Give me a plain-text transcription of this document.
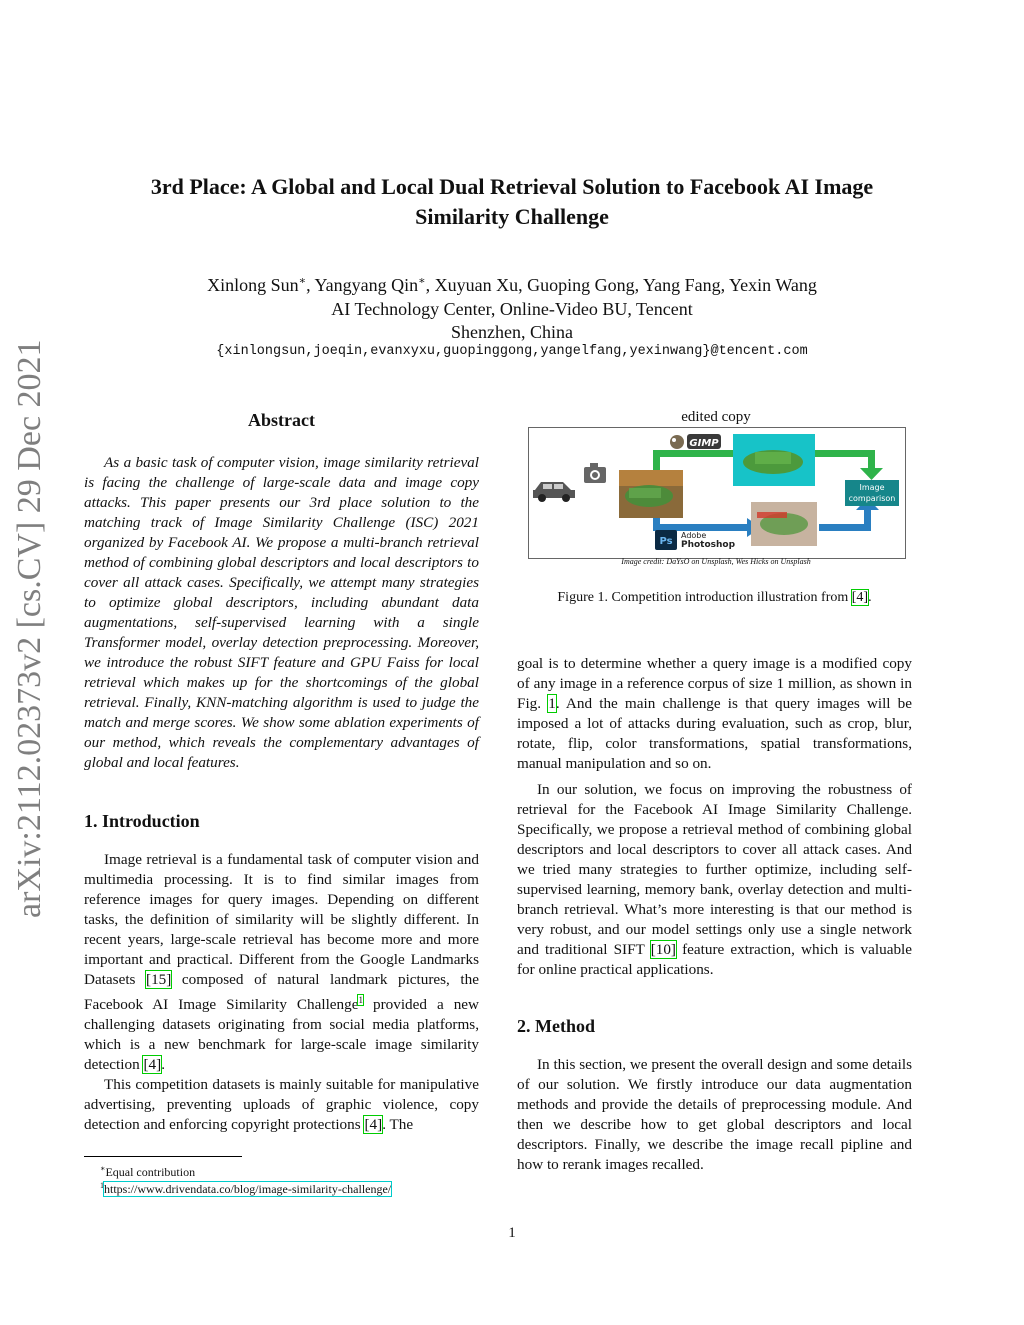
arXiv:2112.02373v2 [cs.CV] 29 Dec 2021
3rd Place: A Global and Local Dual Retrieval Solution to Facebook AI Image
Similarity Challenge
Xinlong Sun∗, Yangyang Qin∗, Xuyuan Xu, Guoping Gong, Yang Fang, Yexin Wang
AI Technology Center, Online-Video BU, Tencent
Shenzhen, China
{xinlongsun,joeqin,evanxyxu,guopinggong,yangelfang,yexinwang}@tencent.com
Abstract

As a basic task of computer vision, image similarity retrieval is facing the challenge of large-scale data and image copy attacks. This paper presents our 3rd place solution to the matching track of Image Similarity Challenge (ISC) 2021 organized by Facebook AI. We propose a multi-branch retrieval method of combining global descriptors and local descriptors to cover all attack cases. Specifically, we attempt many strategies to optimize global descriptors, including abundant data augmentations, self-supervised learning with a single Transformer model, overlay detection preprocessing. Moreover, we introduce the robust SIFT feature and GPU Faiss for local retrieval which makes up for the shortcomings of the global retrieval. Finally, KNN-matching algorithm is used to judge the match and merge scores. We show some ablation experiments of our method, which reveals the complementary advantages of global and local features.

1. Introduction

Image retrieval is a fundamental task of computer vision and multimedia processing. It is to find similar images from reference images for query images. Depending on different tasks, the definition of similarity will be slightly different. In recent years, large-scale retrieval has become more and more important and practical. Different from the Google Landmarks Datasets [15] composed of natural landmark pictures, the Facebook AI Image Similarity Challenge$^1$ provided a new challenging datasets originating from social media platforms, which is a new benchmark for large-scale image similarity detection [4].

This competition datasets is mainly suitable for manipulative advertising, preventing uploads of graphic violence, copy detection and enforcing copyright protections [4]. The

∗Equal contribution
$^1$https://www.drivendata.co/blog/image-similarity-challenge/
edited copy
GIMP
Ps
Adobe
Photoshop
Image
comparison
Image credit: DaYsO on Unsplash, Wes Hicks on Unsplash
Figure 1. Competition introduction illustration from [4].

goal is to determine whether a query image is a modified copy of any image in a reference corpus of size 1 million, as shown in Fig. 1. And the main challenge is that query images will be imposed a lot of attacks during evaluation, such as crop, blur, rotate, flip, color transformations, spatial transformations, manual manipulation and so on.

In our solution, we focus on improving the robustness of retrieval for the Facebook AI Image Similarity Challenge. Specifically, we propose a retrieval method of combining global descriptors and local descriptors to cover all attack cases. And we tried many strategies to further optimize, including self-supervised learning, memory bank, overlay detection and multi-branch retrieval. What’s more interesting is that our method is very robust, and our model settings only use a single network and traditional SIFT [10] feature extraction, which is valuable for online practical applications.

2. Method

In this section, we present the overall design and some details of our solution. We firstly introduce our data augmentation methods and provide the details of preprocessing module. And then we describe how to get global descriptors and local descriptors. Finally, we describe the image recall pipline and how to rerank images recalled.

1
